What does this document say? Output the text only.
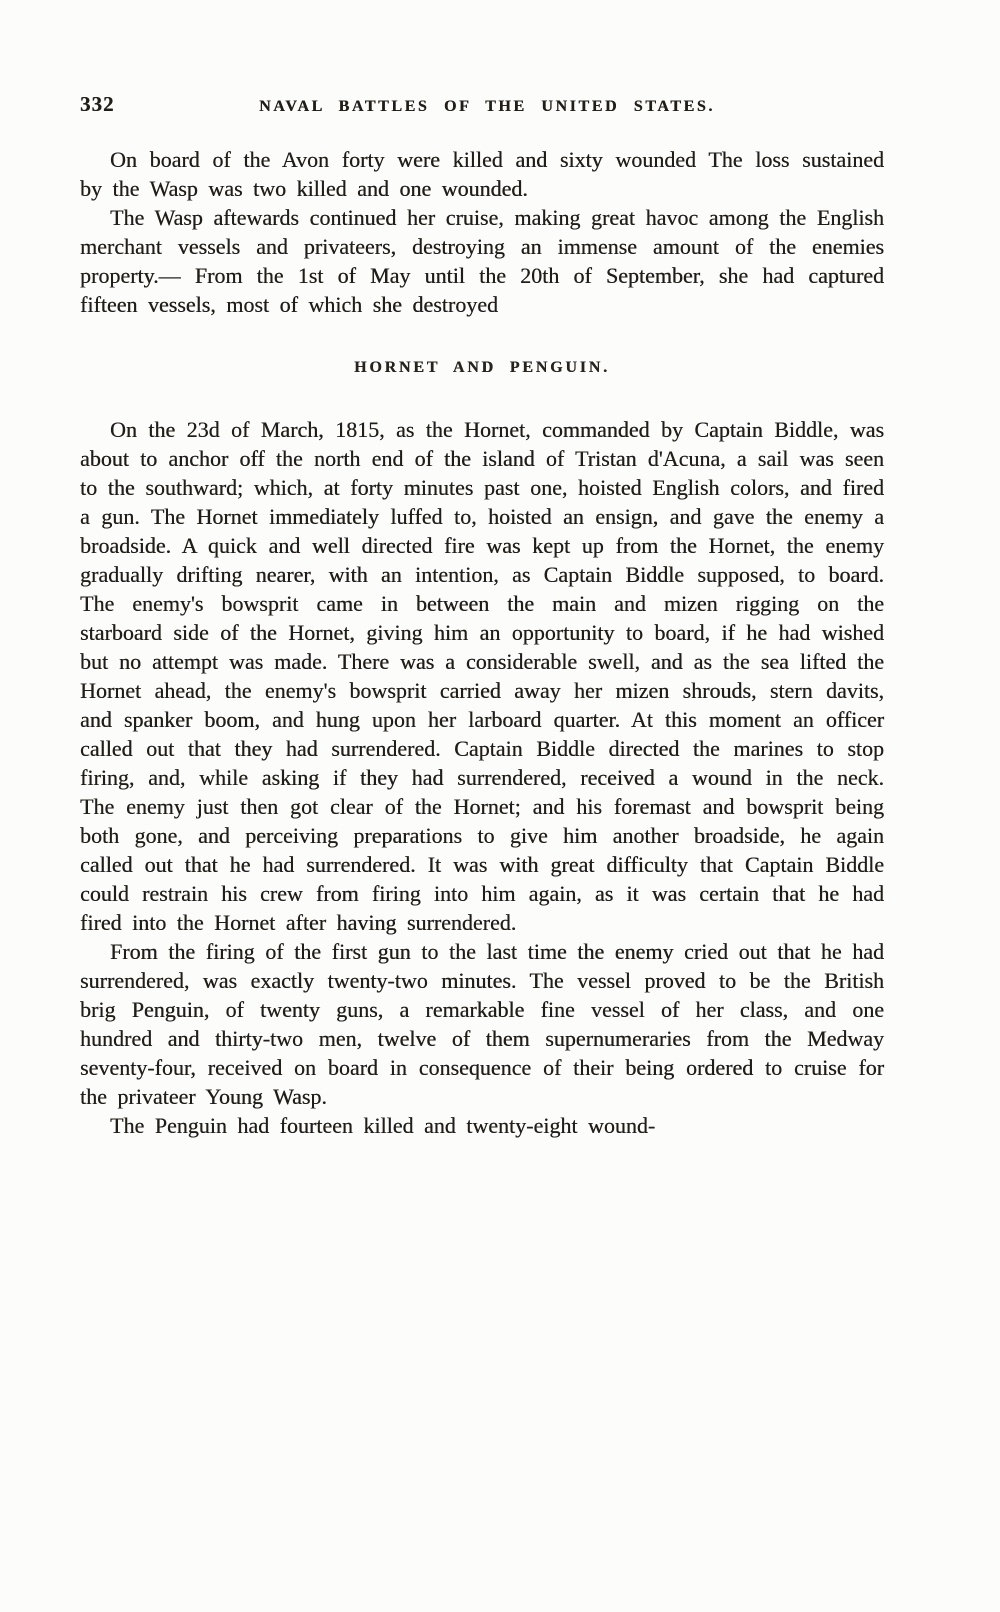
332	NAVAL BATTLES OF THE UNITED STATES.

On board of the Avon forty were killed and sixty wounded The loss sustained by the Wasp was two killed and one wounded.

The Wasp aftewards continued her cruise, making great havoc among the English merchant vessels and privateers, destroying an immense amount of the enemies property.— From the 1st of May until the 20th of September, she had captured fifteen vessels, most of which she destroyed

HORNET AND PENGUIN.

On the 23d of March, 1815, as the Hornet, commanded by Captain Biddle, was about to anchor off the north end of the island of Tristan d'Acuna, a sail was seen to the southward; which, at forty minutes past one, hoisted English colors, and fired a gun. The Hornet immediately luffed to, hoisted an ensign, and gave the enemy a broadside. A quick and well directed fire was kept up from the Hornet, the enemy gradually drifting nearer, with an intention, as Captain Biddle supposed, to board. The enemy's bowsprit came in between the main and mizen rigging on the starboard side of the Hornet, giving him an opportunity to board, if he had wished but no attempt was made. There was a considerable swell, and as the sea lifted the Hornet ahead, the enemy's bowsprit carried away her mizen shrouds, stern davits, and spanker boom, and hung upon her larboard quarter. At this moment an officer called out that they had surrendered. Captain Biddle directed the marines to stop firing, and, while asking if they had surrendered, received a wound in the neck. The enemy just then got clear of the Hornet; and his foremast and bowsprit being both gone, and perceiving preparations to give him another broadside, he again called out that he had surrendered. It was with great difficulty that Captain Biddle could restrain his crew from firing into him again, as it was certain that he had fired into the Hornet after having surrendered.

From the firing of the first gun to the last time the enemy cried out that he had surrendered, was exactly twenty-two minutes. The vessel proved to be the British brig Penguin, of twenty guns, a remarkable fine vessel of her class, and one hundred and thirty-two men, twelve of them supernumeraries from the Medway seventy-four, received on board in consequence of their being ordered to cruise for the privateer Young Wasp.

The Penguin had fourteen killed and twenty-eight wound-
